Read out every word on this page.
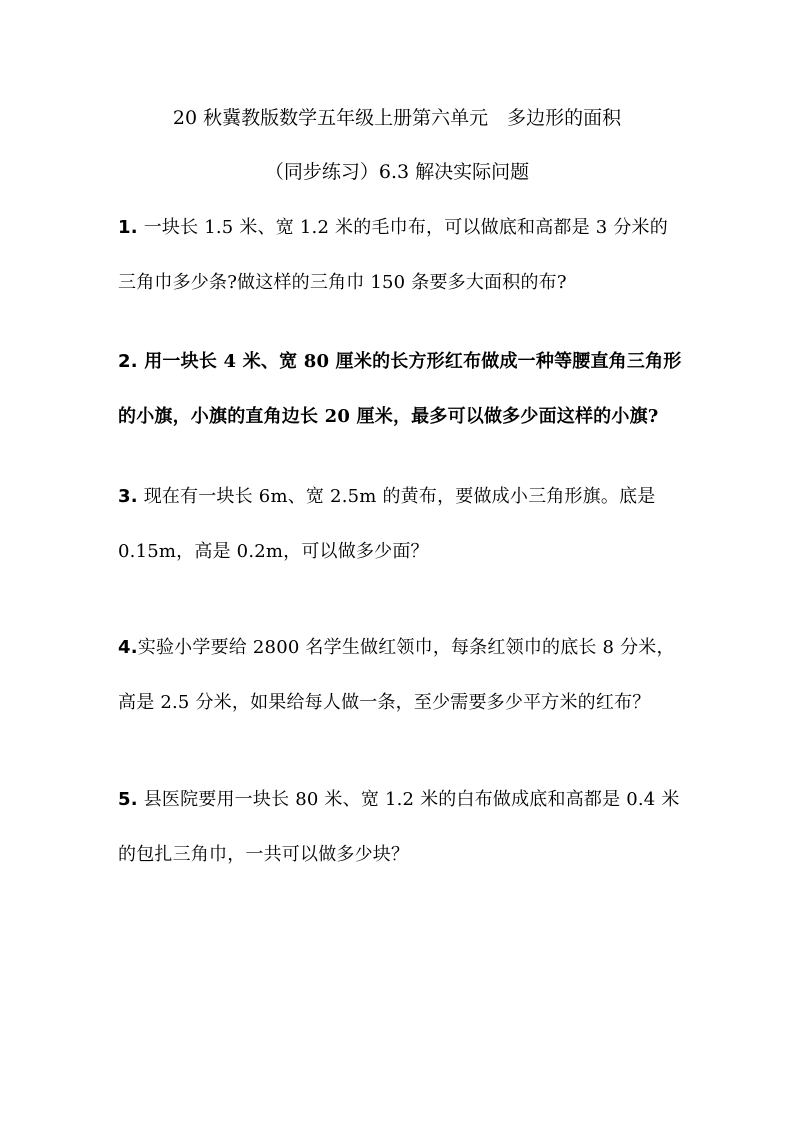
20 秋冀教版数学五年级上册第六单元　多边形的面积
（同步练习）6.3 解决实际问题
1. 一块长 1.5 米、宽 1.2 米的毛巾布，可以做底和高都是 3 分米的
三角巾多少条?做这样的三角巾 150 条要多大面积的布?
2. 用一块长 4 米、宽 80 厘米的长方形红布做成一种等腰直角三角形
的小旗，小旗的直角边长 20 厘米，最多可以做多少面这样的小旗?
3. 现在有一块长 6m、宽 2.5m 的黄布，要做成小三角形旗。底是
0.15m，高是 0.2m，可以做多少面？
4.实验小学要给 2800 名学生做红领巾，每条红领巾的底长 8 分米，
高是 2.5 分米，如果给每人做一条，至少需要多少平方米的红布？
5. 县医院要用一块长 80 米、宽 1.2 米的白布做成底和高都是 0.4 米
的包扎三角巾，一共可以做多少块？
